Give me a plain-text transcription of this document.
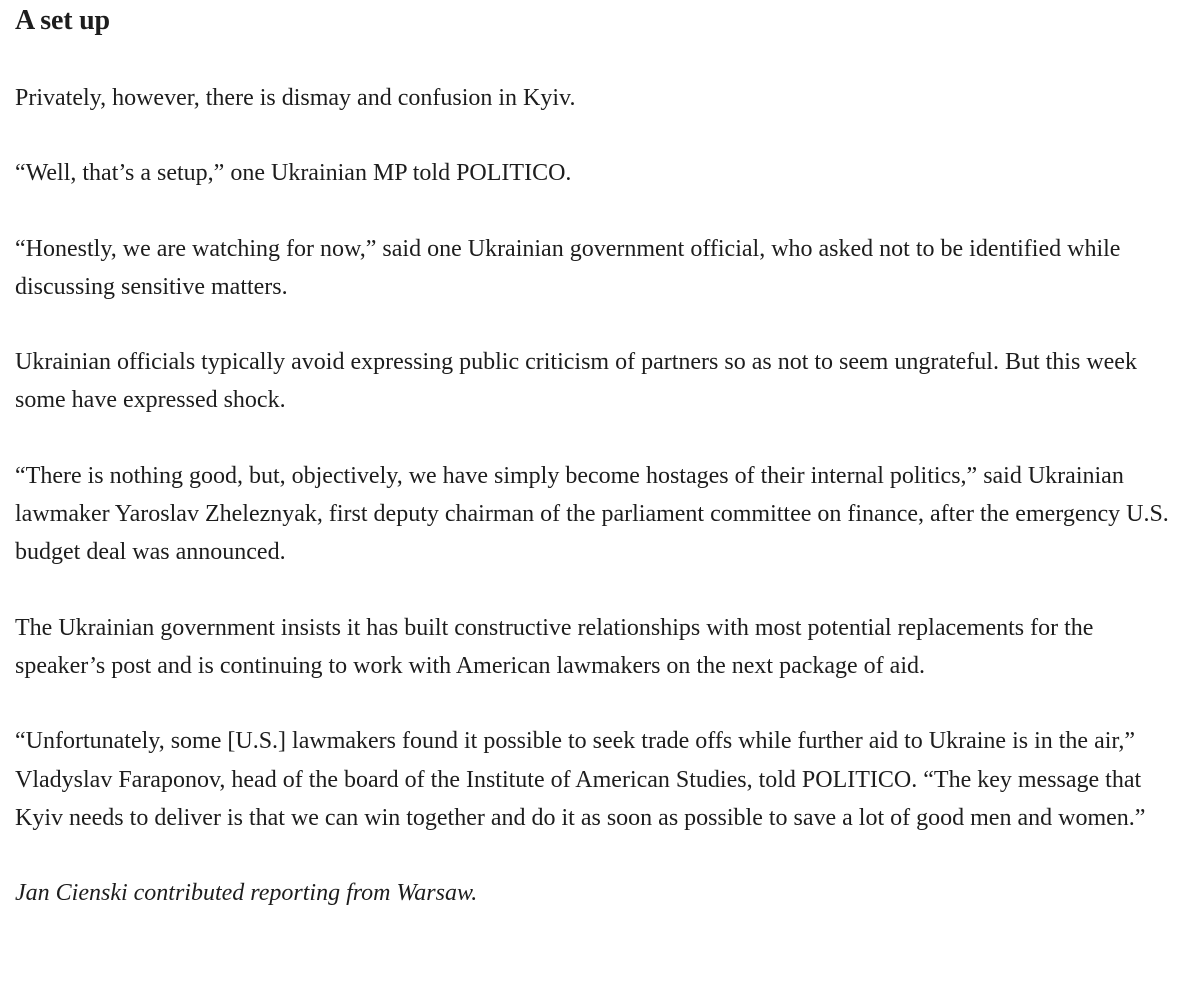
A set up

Privately, however, there is dismay and confusion in Kyiv.

“Well, that’s a setup,” one Ukrainian MP told POLITICO.

“Honestly, we are watching for now,” said one Ukrainian government official, who asked not to be identified while discussing sensitive matters.

Ukrainian officials typically avoid expressing public criticism of partners so as not to seem ungrateful. But this week some have expressed shock.

“There is nothing good, but, objectively, we have simply become hostages of their internal politics,” said Ukrainian lawmaker Yaroslav Zheleznyak, first deputy chairman of the parliament committee on finance, after the emergency U.S. budget deal was announced.

The Ukrainian government insists it has built constructive relationships with most potential replacements for the speaker’s post and is continuing to work with American lawmakers on the next package of aid.

“Unfortunately, some [U.S.] lawmakers found it possible to seek trade offs while further aid to Ukraine is in the air,” Vladyslav Faraponov, head of the board of the Institute of American Studies, told POLITICO. “The key message that Kyiv needs to deliver is that we can win together and do it as soon as possible to save a lot of good men and women.”

Jan Cienski contributed reporting from Warsaw.
